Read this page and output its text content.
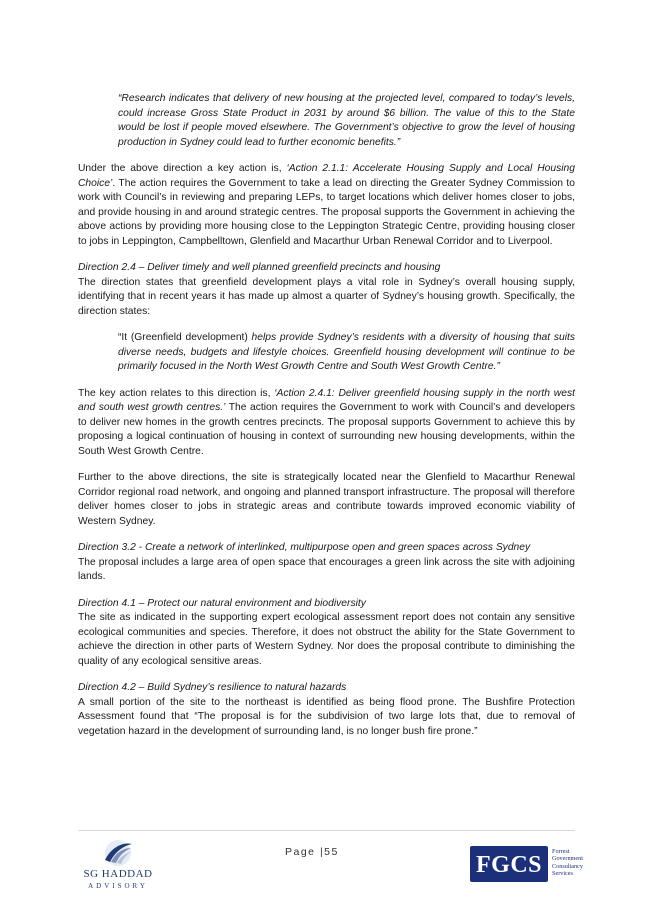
“Research indicates that delivery of new housing at the projected level, compared to today’s levels, could increase Gross State Product in 2031 by around $6 billion. The value of this to the State would be lost if people moved elsewhere. The Government’s objective to grow the level of housing production in Sydney could lead to further economic benefits.”

Under the above direction a key action is, ‘Action 2.1.1: Accelerate Housing Supply and Local Housing Choice’. The action requires the Government to take a lead on directing the Greater Sydney Commission to work with Council’s in reviewing and preparing LEPs, to target locations which deliver homes closer to jobs, and provide housing in and around strategic centres. The proposal supports the Government in achieving the above actions by providing more housing close to the Leppington Strategic Centre, providing housing closer to jobs in Leppington, Campbelltown, Glenfield and Macarthur Urban Renewal Corridor and to Liverpool.

Direction 2.4 – Deliver timely and well planned greenfield precincts and housing
The direction states that greenfield development plays a vital role in Sydney’s overall housing supply, identifying that in recent years it has made up almost a quarter of Sydney’s housing growth. Specifically, the direction states:

“It (Greenfield development) helps provide Sydney’s residents with a diversity of housing that suits diverse needs, budgets and lifestyle choices. Greenfield housing development will continue to be primarily focused in the North West Growth Centre and South West Growth Centre.”

The key action relates to this direction is, ‘Action 2.4.1: Deliver greenfield housing supply in the north west and south west growth centres.’ The action requires the Government to work with Council’s and developers to deliver new homes in the growth centres precincts. The proposal supports Government to achieve this by proposing a logical continuation of housing in context of surrounding new housing developments, within the South West Growth Centre.

Further to the above directions, the site is strategically located near the Glenfield to Macarthur Renewal Corridor regional road network, and ongoing and planned transport infrastructure. The proposal will therefore deliver homes closer to jobs in strategic areas and contribute towards improved economic viability of Western Sydney.

Direction 3.2 - Create a network of interlinked, multipurpose open and green spaces across Sydney
The proposal includes a large area of open space that encourages a green link across the site with adjoining lands.

Direction 4.1 – Protect our natural environment and biodiversity
The site as indicated in the supporting expert ecological assessment report does not contain any sensitive ecological communities and species. Therefore, it does not obstruct the ability for the State Government to achieve the direction in other parts of Western Sydney. Nor does the proposal contribute to diminishing the quality of any ecological sensitive areas.

Direction 4.2 – Build Sydney’s resilience to natural hazards
A small portion of the site to the northeast is identified as being flood prone. The Bushfire Protection Assessment found that “The proposal is for the subdivision of two large lots that, due to removal of vegetation hazard in the development of surrounding land, is no longer bush fire prone.”

SG HADDAD
ADVISORY
Page |55	FGCS
Forrest
Government
Consultancy
Services
